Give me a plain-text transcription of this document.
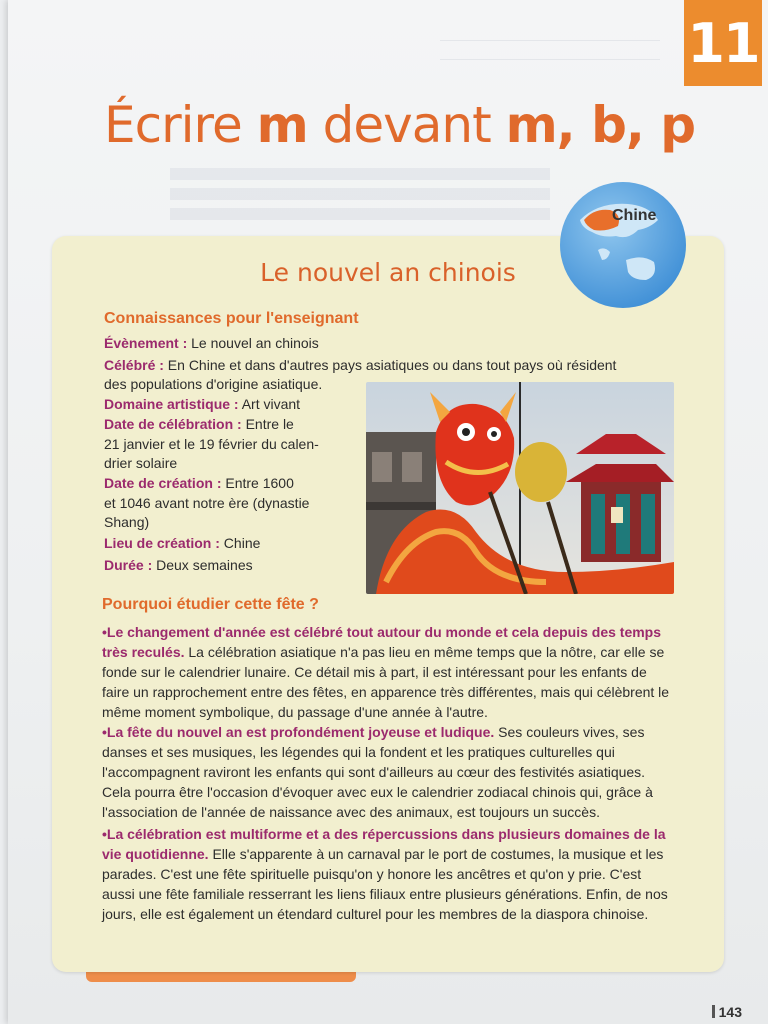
11
Écrire m devant m, b, p
Chine
Le nouvel an chinois
Connaissances pour l'enseignant
Évènement : Le nouvel an chinois
Célébré : En Chine et dans d'autres pays asiatiques ou dans tout pays où résident
des populations d'origine asiatique.
Domaine artistique : Art vivant
Date de célébration : Entre le
21 janvier et le 19 février du calen-
drier solaire
Date de création : Entre 1600
et 1046 avant notre ère (dynastie
Shang)
Lieu de création : Chine
Durée : Deux semaines
Pourquoi étudier cette fête ?
•Le changement d'année est célébré tout autour du monde et cela depuis des temps très reculés. La célébration asiatique n'a pas lieu en même temps que la nôtre, car elle se fonde sur le calendrier lunaire. Ce détail mis à part, il est intéressant pour les enfants de faire un rapprochement entre des fêtes, en apparence très différentes, mais qui célèbrent le même moment symbolique, du passage d'une année à l'autre.
•La fête du nouvel an est profondément joyeuse et ludique. Ses couleurs vives, ses danses et ses musiques, les légendes qui la fondent et les pratiques culturelles qui l'accompagnent raviront les enfants qui sont d'ailleurs au cœur des festivités asiatiques. Cela pourra être l'occasion d'évoquer avec eux le calendrier zodiacal chinois qui, grâce à l'association de l'année de naissance avec des animaux, est toujours un succès.
•La célébration est multiforme et a des répercussions dans plusieurs domaines de la vie quotidienne. Elle s'apparente à un carnaval par le port de costumes, la musique et les parades. C'est une fête spirituelle puisqu'on y honore les ancêtres et qu'on y prie. C'est aussi une fête familiale resserrant les liens filiaux entre plusieurs générations. Enfin, de nos jours, elle est également un étendard culturel pour les membres de la diaspora chinoise.
143
